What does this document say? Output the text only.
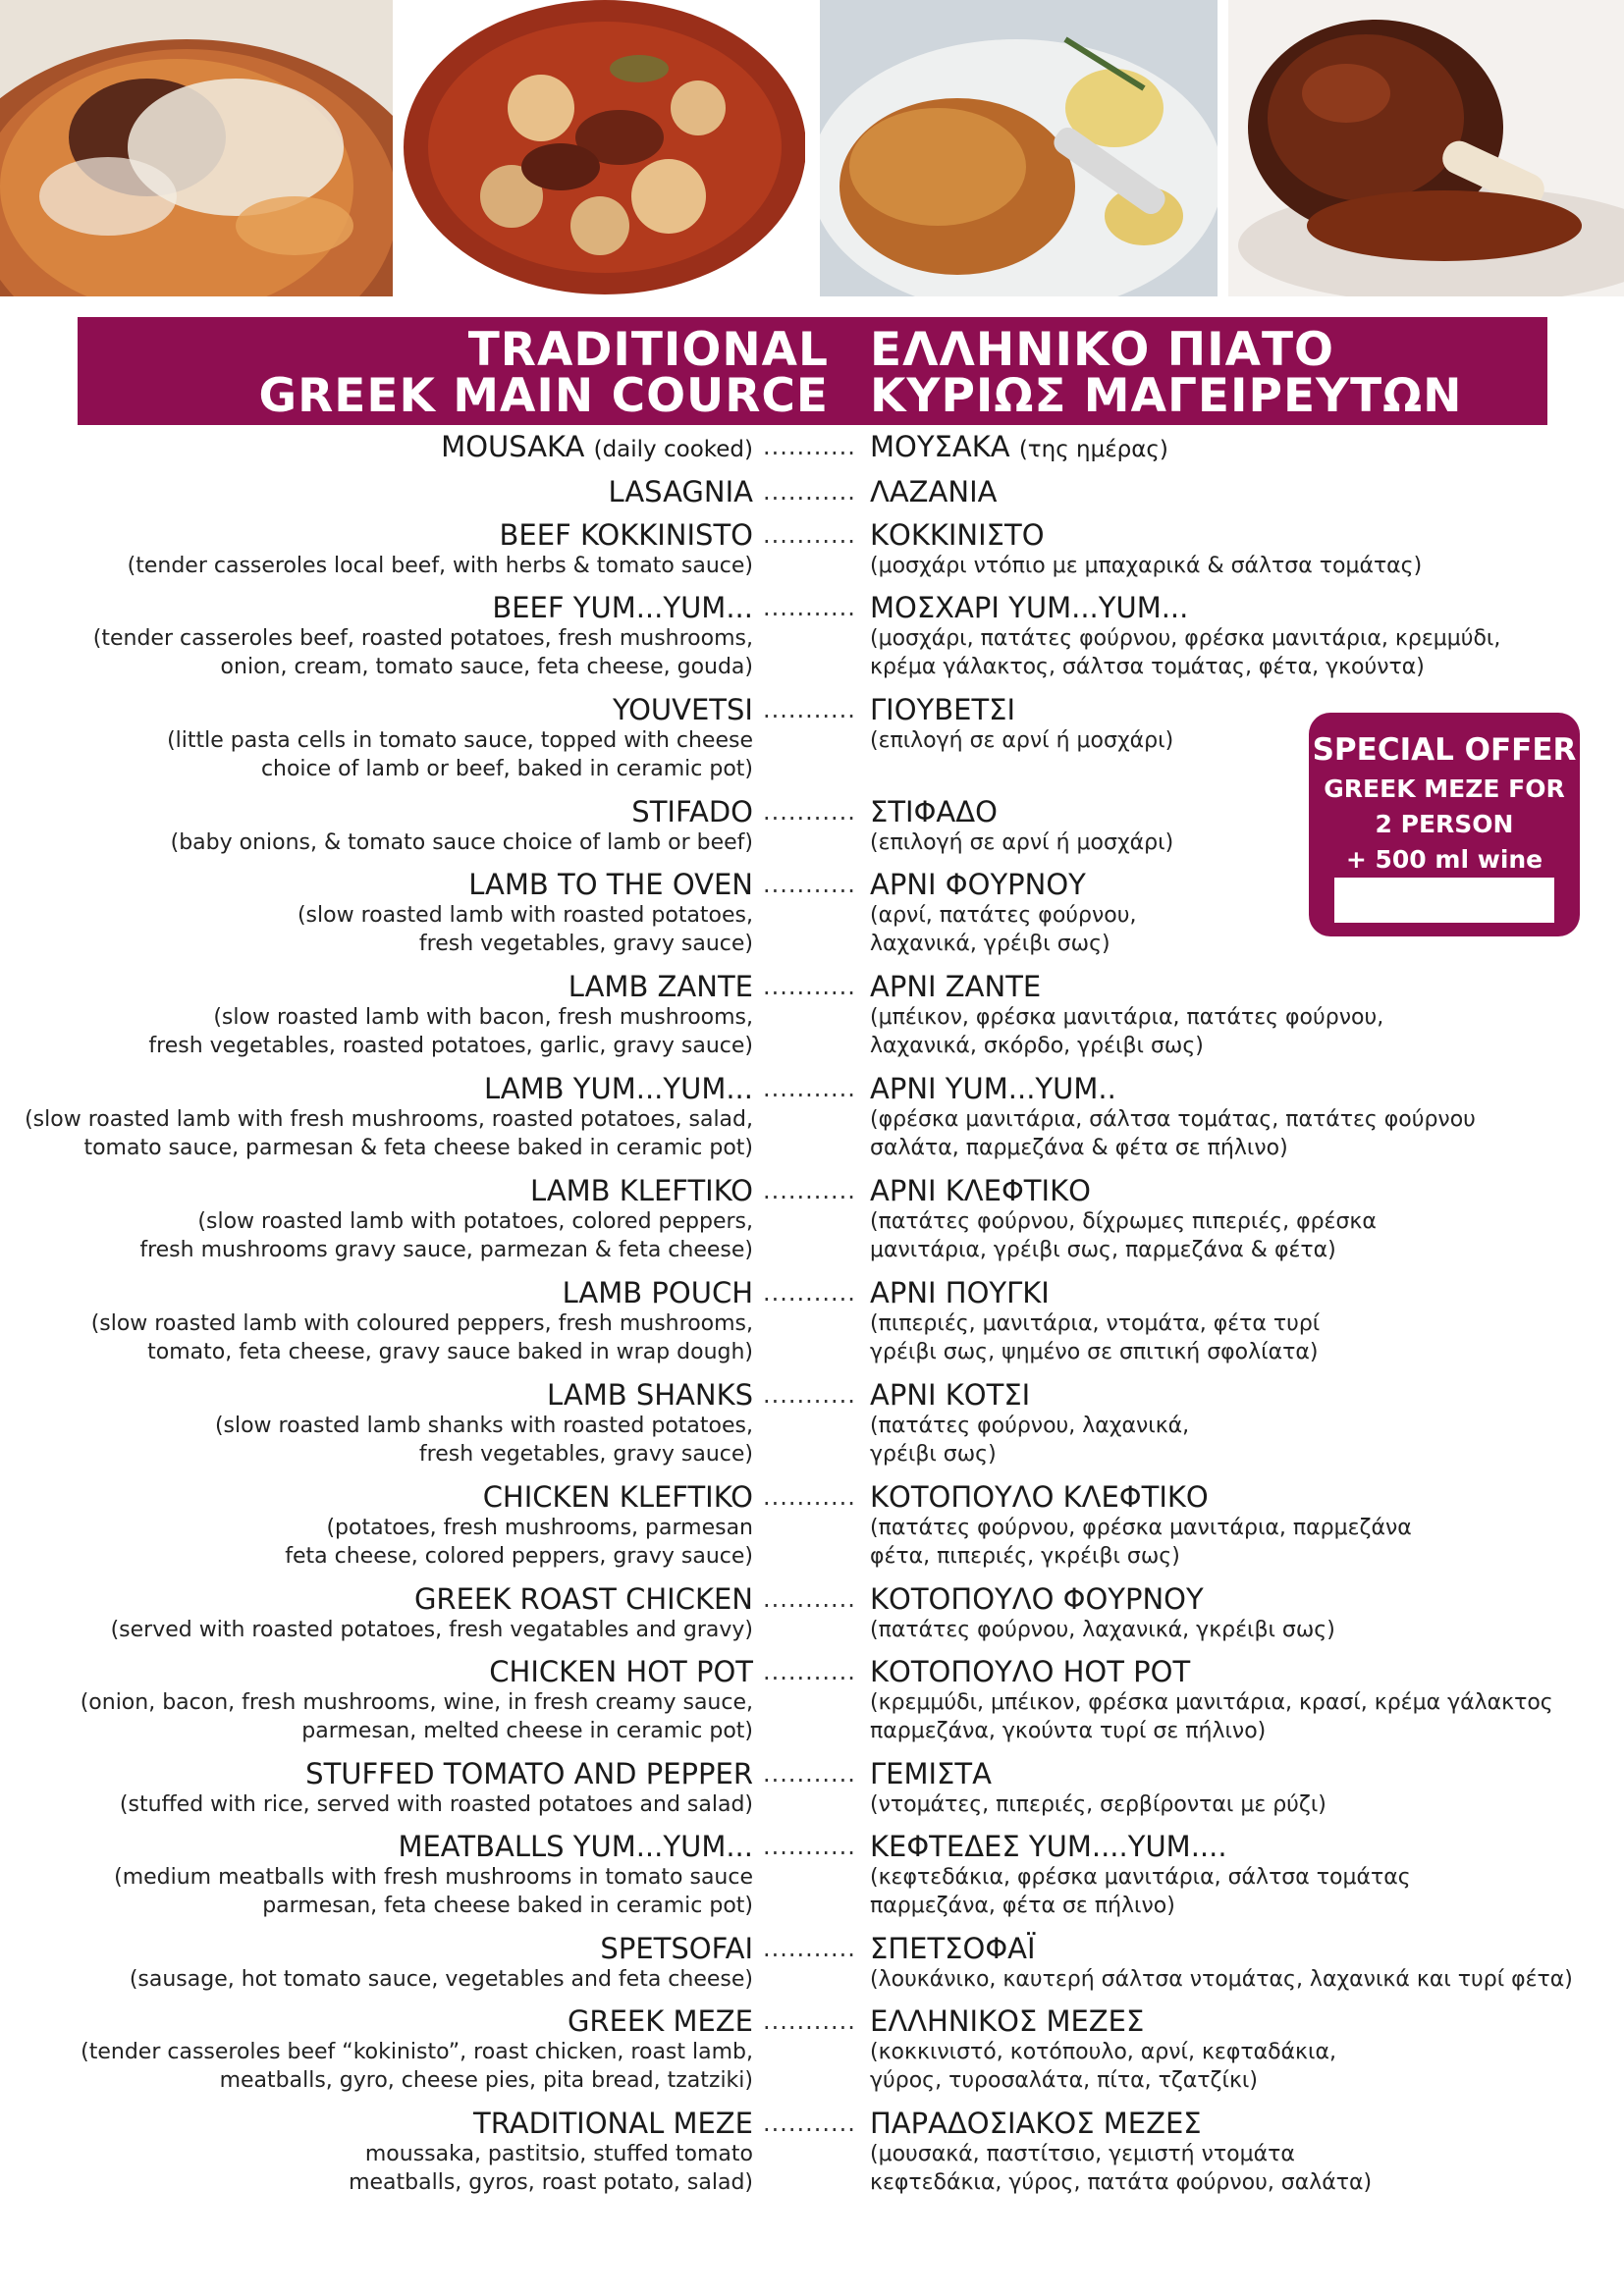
TRADITIONAL
GREEK MAIN COURCE
ΕΛΛΗΝΙΚΟ ΠΙΑΤΟ
ΚΥΡΙΩΣ ΜΑΓΕΙΡΕΥΤΩΝ
MOUSAKA (daily cooked) ........... ΜΟΥΣΑΚΑ (της ημέρας)
LASAGNIA ........... ΛΑΖΑΝΙΑ
BEEF KOKKINISTO
(tender casseroles local beef, with herbs & tomato sauce)
........... ΚΟΚΚΙΝΙΣΤΟ
(μοσχάρι ντόπιο με μπαχαρικά & σάλτσα τομάτας)
BEEF YUM...YUM...
(tender casseroles beef, roasted potatoes, fresh mushrooms,
onion, cream, tomato sauce, feta cheese, gouda)
........... ΜΟΣΧΑΡΙ YUM...YUM...
(μοσχάρι, πατάτες φούρνου, φρέσκα μανιτάρια, κρεμμύδι,
κρέμα γάλακτος, σάλτσα τομάτας, φέτα, γκούντα)
YOUVETSI
(little pasta cells in tomato sauce, topped with cheese
choice of lamb or beef, baked in ceramic pot)
........... ΓΙΟΥΒΕΤΣΙ
(επιλογή σε αρνί ή μοσχάρι)
STIFADO
(baby onions, & tomato sauce choice of lamb or beef)
........... ΣΤΙΦΑΔΟ
(επιλογή σε αρνί ή μοσχάρι)
LAMB TO THE OVEN
(slow roasted lamb with roasted potatoes,
fresh vegetables, gravy sauce)
........... ΑΡΝΙ ΦΟΥΡΝΟΥ
(αρνί, πατάτες φούρνου,
λαχανικά, γρέιβι σως)
LAMB ZANTE
(slow roasted lamb with bacon, fresh mushrooms,
fresh vegetables, roasted potatoes, garlic, gravy sauce)
........... ΑΡΝΙ ΖΑΝΤΕ
(μπέικον, φρέσκα μανιτάρια, πατάτες φούρνου,
λαχανικά, σκόρδο, γρέιβι σως)
LAMB YUM...YUM...
(slow roasted lamb with fresh mushrooms, roasted potatoes, salad,
tomato sauce, parmesan & feta cheese baked in ceramic pot)
........... ΑΡΝΙ YUM...YUM..
(φρέσκα μανιτάρια, σάλτσα τομάτας, πατάτες φούρνου
σαλάτα, παρμεζάνα & φέτα σε πήλινο)
LAMB KLEFTIKO
(slow roasted lamb with potatoes, colored peppers,
fresh mushrooms gravy sauce, parmezan & feta cheese)
........... ΑΡΝΙ ΚΛΕΦΤΙΚΟ
(πατάτες φούρνου, δίχρωμες πιπεριές, φρέσκα
μανιτάρια, γρέιβι σως, παρμεζάνα & φέτα)
LAMB POUCH
(slow roasted lamb with coloured peppers, fresh mushrooms,
tomato, feta cheese, gravy sauce baked in wrap dough)
........... ΑΡΝΙ ΠΟΥΓΚΙ
(πιπεριές, μανιτάρια, ντομάτα, φέτα τυρί
γρέιβι σως, ψημένο σε σπιτική σφολίατα)
LAMB SHANKS
(slow roasted lamb shanks with roasted potatoes,
fresh vegetables, gravy sauce)
........... ΑΡΝΙ ΚΟΤΣΙ
(πατάτες φούρνου, λαχανικά,
γρέιβι σως)
CHICKEN KLEFTIKO
(potatoes, fresh mushrooms, parmesan
feta cheese, colored peppers, gravy sauce)
........... ΚΟΤΟΠΟΥΛΟ ΚΛΕΦΤΙΚΟ
(πατάτες φούρνου, φρέσκα μανιτάρια, παρμεζάνα
φέτα, πιπεριές, γκρέιβι σως)
GREEK ROAST CHICKEN
(served with roasted potatoes, fresh vegatables and gravy)
........... ΚΟΤΟΠΟΥΛΟ ΦΟΥΡΝΟΥ
(πατάτες φούρνου, λαχανικά, γκρέιβι σως)
CHICKEN HOT POT
(onion, bacon, fresh mushrooms, wine, in fresh creamy sauce,
parmesan, melted cheese in ceramic pot)
........... ΚΟΤΟΠΟΥΛΟ HOT POT
(κρεμμύδι, μπέικον, φρέσκα μανιτάρια, κρασί, κρέμα γάλακτος
παρμεζάνα, γκούντα τυρί σε πήλινο)
STUFFED TOMATO AND PEPPER
(stuffed with rice, served with roasted potatoes and salad)
........... ΓΕΜΙΣΤΑ
(ντομάτες, πιπεριές, σερβίρονται με ρύζι)
MEATBALLS YUM...YUM...
(medium meatballs with fresh mushrooms in tomato sauce
parmesan, feta cheese baked in ceramic pot)
........... ΚΕΦΤΕΔΕΣ YUM....YUM....
(κεφτεδάκια, φρέσκα μανιτάρια, σάλτσα τομάτας
παρμεζάνα, φέτα σε πήλινο)
SPETSOFAI
(sausage, hot tomato sauce, vegetables and feta cheese)
........... ΣΠΕΤΣΟΦΑΪ
(λουκάνικο, καυτερή σάλτσα ντομάτας, λαχανικά και τυρί φέτα)
GREEK MEZE
(tender casseroles beef “kokinisto”, roast chicken, roast lamb,
meatballs, gyro, cheese pies, pita bread, tzatziki)
........... ΕΛΛΗΝΙΚΟΣ ΜΕΖΕΣ
(κοκκινιστό, κοτόπουλο, αρνί, κεφταδάκια,
γύρος, τυροσαλάτα, πίτα, τζατζίκι)
TRADITIONAL MEZE
moussaka, pastitsio, stuffed tomato
meatballs, gyros, roast potato, salad)
........... ΠΑΡΑΔΟΣΙΑΚΟΣ ΜΕΖΕΣ
(μουσακά, παστίτσιο, γεμιστή ντομάτα
κεφτεδάκια, γύρος, πατάτα φούρνου, σαλάτα)
SPECIAL OFFER
GREEK MEZE FOR
2 PERSON
+ 500 ml wine
